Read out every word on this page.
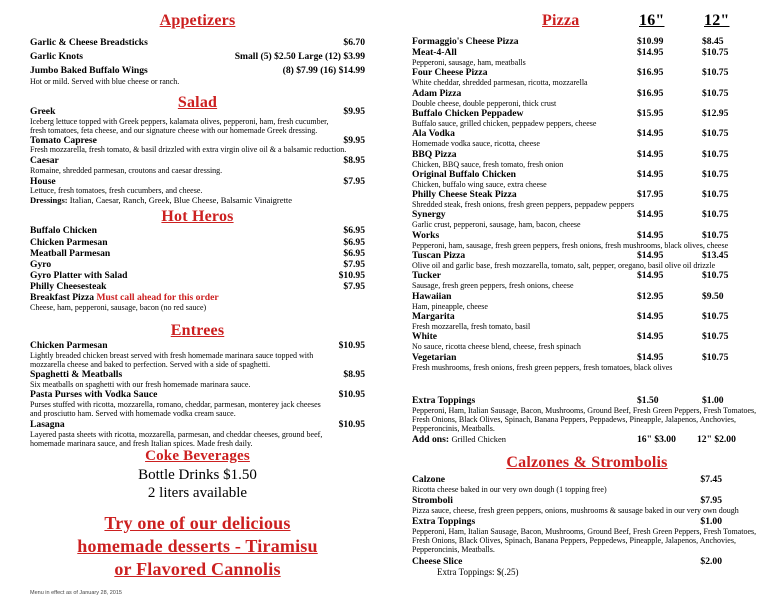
Appetizers
Garlic & Cheese Breadsticks	$6.70
Garlic Knots	Small (5) $2.50 Large (12) $3.99
Jumbo Baked Buffalo Wings	(8) $7.99 (16) $14.99
Hot or mild. Served with blue cheese or ranch.
Salad
Greek	$9.95
Iceberg lettuce topped with Greek peppers, kalamata olives, pepperoni, ham, fresh cucumber,
fresh tomatoes, feta cheese, and our signature cheese with our homemade Greek dressing.
Tomato Caprese	$9.95
Fresh mozzarella, fresh tomato, & basil drizzled with extra virgin olive oil & a balsamic reduction.
Caesar	$8.95
Romaine, shredded parmesan, croutons and caesar dressing.
House	$7.95
Lettuce, fresh tomatoes, fresh cucumbers, and cheese.
Dressings: Italian, Caesar, Ranch, Greek, Blue Cheese, Balsamic Vinaigrette
Hot Heros
Buffalo Chicken	$6.95
Chicken Parmesan	$6.95
Meatball Parmesan	$6.95
Gyro	$7.95
Gyro Platter with Salad	$10.95
Philly Cheesesteak	$7.95
Breakfast Pizza Must call ahead for this order
Cheese, ham, pepperoni, sausage, bacon (no red sauce)
Entrees
Chicken Parmesan	$10.95
Lightly breaded chicken breast served with fresh homemade marinara sauce topped with
mozzarella cheese and baked to perfection. Served with a side of spaghetti.
Spaghetti & Meatballs	$8.95
Six meatballs on spaghetti with our fresh homemade marinara sauce.
Pasta Purses with Vodka Sauce	$10.95
Purses stuffed with ricotta, mozzarella, romano, cheddar, parmesan, monterey jack cheeses
and prosciutto ham. Served with homemade vodka cream sauce.
Lasagna	$10.95
Layered pasta sheets with ricotta, mozzarella, parmesan, and cheddar cheeses, ground beef,
homemade marinara sauce, and fresh Italian spices. Made fresh daily.
Coke Beverages
Bottle Drinks $1.50
2 liters available
Try one of our delicious
homemade desserts - Tiramisu
or Flavored Cannolis
Menu in effect as of January 28, 2015
Pizza	16" 12"
Formaggio's Cheese Pizza	$10.99	$8.45
Meat-4-All	$14.95	$10.75
Pepperoni, sausage, ham, meatballs
Four Cheese Pizza	$16.95	$10.75
White cheddar, shredded parmesan, ricotta, mozzarella
Adam Pizza	$16.95	$10.75
Double cheese, double pepperoni, thick crust
Buffalo Chicken Peppadew	$15.95	$12.95
Buffalo sauce, grilled chicken, peppadew peppers, cheese
Ala Vodka	$14.95	$10.75
Homemade vodka sauce, ricotta, cheese
BBQ Pizza	$14.95	$10.75
Chicken, BBQ sauce, fresh tomato, fresh onion
Original Buffalo Chicken	$14.95	$10.75
Chicken, buffalo wing sauce, extra cheese
Philly Cheese Steak Pizza	$17.95	$10.75
Shredded steak, fresh onions, fresh green peppers, peppadew peppers
Synergy	$14.95	$10.75
Garlic crust, pepperoni, sausage, ham, bacon, cheese
Works	$14.95	$10.75
Pepperoni, ham, sausage, fresh green peppers, fresh onions, fresh mushrooms, black olives, cheese
Tuscan Pizza	$14.95	$13.45
Olive oil and garlic base, fresh mozzarella, tomato, salt, pepper, oregano, basil olive oil drizzle
Tucker	$14.95	$10.75
Sausage, fresh green peppers, fresh onions, cheese
Hawaiian	$12.95	$9.50
Ham, pineapple, cheese
Margarita	$14.95	$10.75
Fresh mozzarella, fresh tomato, basil
White	$14.95	$10.75
No sauce, ricotta cheese blend, cheese, fresh spinach
Vegetarian	$14.95	$10.75
Fresh mushrooms, fresh onions, fresh green peppers, fresh tomatoes, black olives
Extra Toppings	$1.50	$1.00
Pepperoni, Ham, Italian Sausage, Bacon, Mushrooms, Ground Beef, Fresh Green Peppers, Fresh Tomatoes,
Fresh Onions, Black Olives, Spinach, Banana Peppers, Peppadews, Pineapple, Jalapenos, Anchovies,
Pepperoncinis, Meatballs.
Add ons: Grilled Chicken	16" $3.00 12" $2.00
Calzones & Strombolis
Calzone	$7.45
Ricotta cheese baked in our very own dough (1 topping free)
Stromboli	$7.95
Pizza sauce, cheese, fresh green peppers, onions, mushrooms & sausage baked in our very own dough
Extra Toppings	$1.00
Pepperoni, Ham, Italian Sausage, Bacon, Mushrooms, Ground Beef, Fresh Green Peppers, Fresh Tomatoes,
Fresh Onions, Black Olives, Spinach, Banana Peppers, Peppedews, Pineapple, Jalapenos, Anchovies,
Pepperoncinis, Meatballs.
Cheese Slice	$2.00
Extra Toppings: $(.25)
